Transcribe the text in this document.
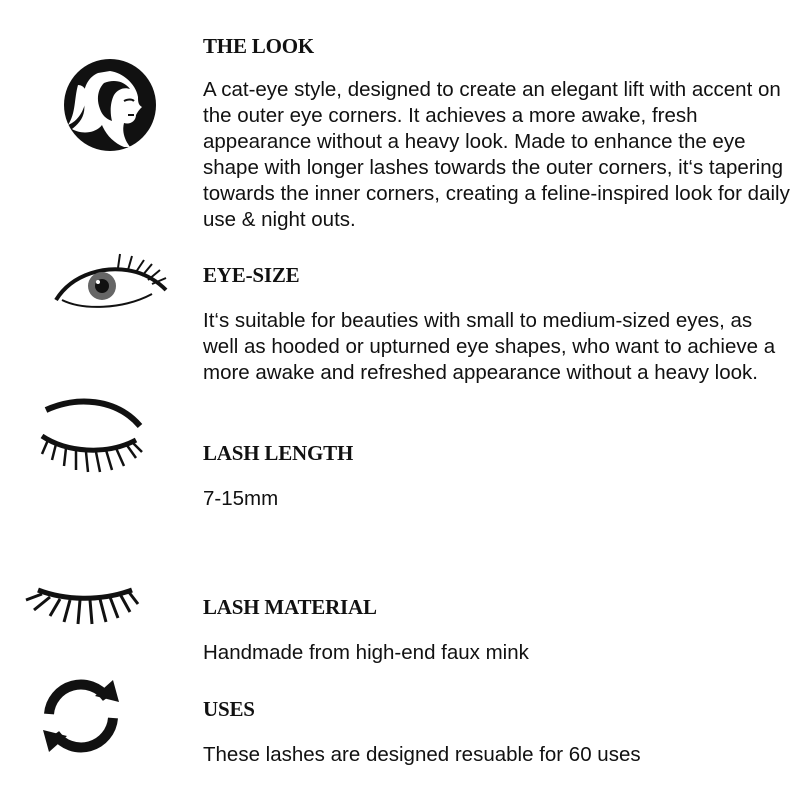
THE LOOK

A cat-eye style, designed to create an elegant lift with accent on the outer eye corners. It achieves a more awake, fresh appearance without a heavy look. Made to enhance the eye shape with longer lashes towards the outer corners, it‘s tapering towards the inner corners, creating a feline-inspired look for daily use & night outs.

EYE-SIZE

It‘s suitable for beauties with small to medium-sized eyes, as well as hooded or upturned eye shapes, who want to achieve a more awake and refreshed appearance without a heavy look.

LASH LENGTH

7-15mm

LASH MATERIAL

Handmade from high-end faux mink

USES

These lashes are designed resuable for 60 uses
